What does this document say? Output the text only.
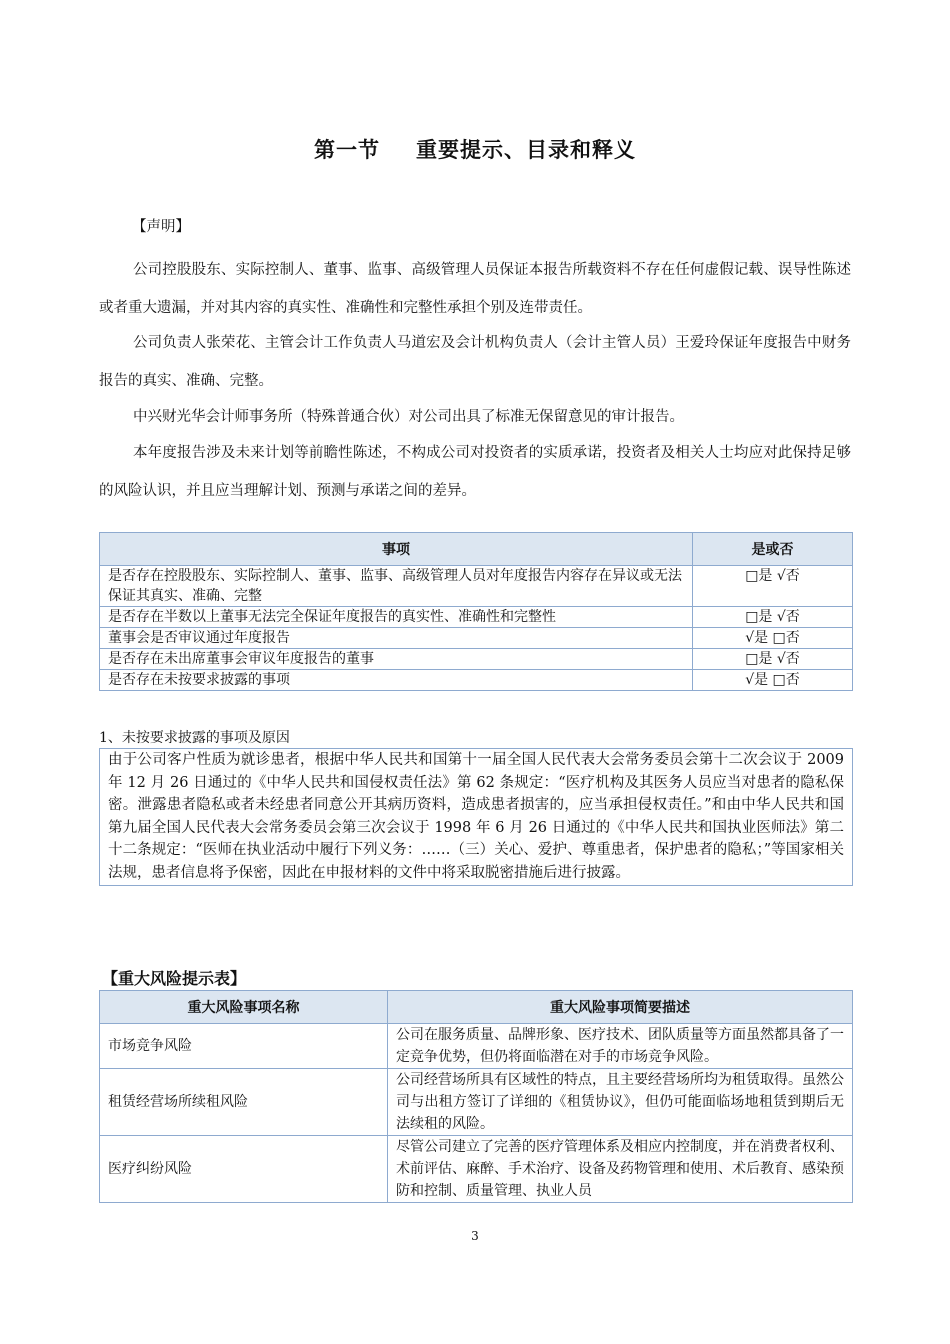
第一节 重要提示、目录和释义
【声明】

公司控股股东、实际控制人、董事、监事、高级管理人员保证本报告所载资料不存在任何虚假记载、误导性陈述或者重大遗漏，并对其内容的真实性、准确性和完整性承担个别及连带责任。

公司负责人张荣花、主管会计工作负责人马道宏及会计机构负责人（会计主管人员）王爱玲保证年度报告中财务报告的真实、准确、完整。

中兴财光华会计师事务所（特殊普通合伙）对公司出具了标准无保留意见的审计报告。

本年度报告涉及未来计划等前瞻性陈述，不构成公司对投资者的实质承诺，投资者及相关人士均应对此保持足够的风险认识，并且应当理解计划、预测与承诺之间的差异。

事项	是或否
是否存在控股股东、实际控制人、董事、监事、高级管理人员对年度报告内容存在异议或无法保证其真实、准确、完整	□是 √否
是否存在半数以上董事无法完全保证年度报告的真实性、准确性和完整性	□是 √否
董事会是否审议通过年度报告	√是 □否
是否存在未出席董事会审议年度报告的董事	□是 √否
是否存在未按要求披露的事项	√是 □否
1、未按要求披露的事项及原因

由于公司客户性质为就诊患者，根据中华人民共和国第十一届全国人民代表大会常务委员会第十二次会议于 2009 年 12 月 26 日通过的《中华人民共和国侵权责任法》第 62 条规定：“医疗机构及其医务人员应当对患者的隐私保密。泄露患者隐私或者未经患者同意公开其病历资料，造成患者损害的，应当承担侵权责任。”和由中华人民共和国第九届全国人民代表大会常务委员会第三次会议于 1998 年 6 月 26 日通过的《中华人民共和国执业医师法》第二十二条规定：“医师在执业活动中履行下列义务：……（三）关心、爱护、尊重患者，保护患者的隐私；”等国家相关法规，患者信息将予保密，因此在申报材料的文件中将采取脱密措施后进行披露。

【重大风险提示表】
重大风险事项名称	重大风险事项简要描述
市场竞争风险	公司在服务质量、品牌形象、医疗技术、团队质量等方面虽然都具备了一定竞争优势，但仍将面临潜在对手的市场竞争风险。
租赁经营场所续租风险	公司经营场所具有区域性的特点，且主要经营场所均为租赁取得。虽然公司与出租方签订了详细的《租赁协议》，但仍可能面临场地租赁到期后无法续租的风险。
医疗纠纷风险	尽管公司建立了完善的医疗管理体系及相应内控制度，并在消费者权利、术前评估、麻醉、手术治疗、设备及药物管理和使用、术后教育、感染预防和控制、质量管理、执业人员
3
